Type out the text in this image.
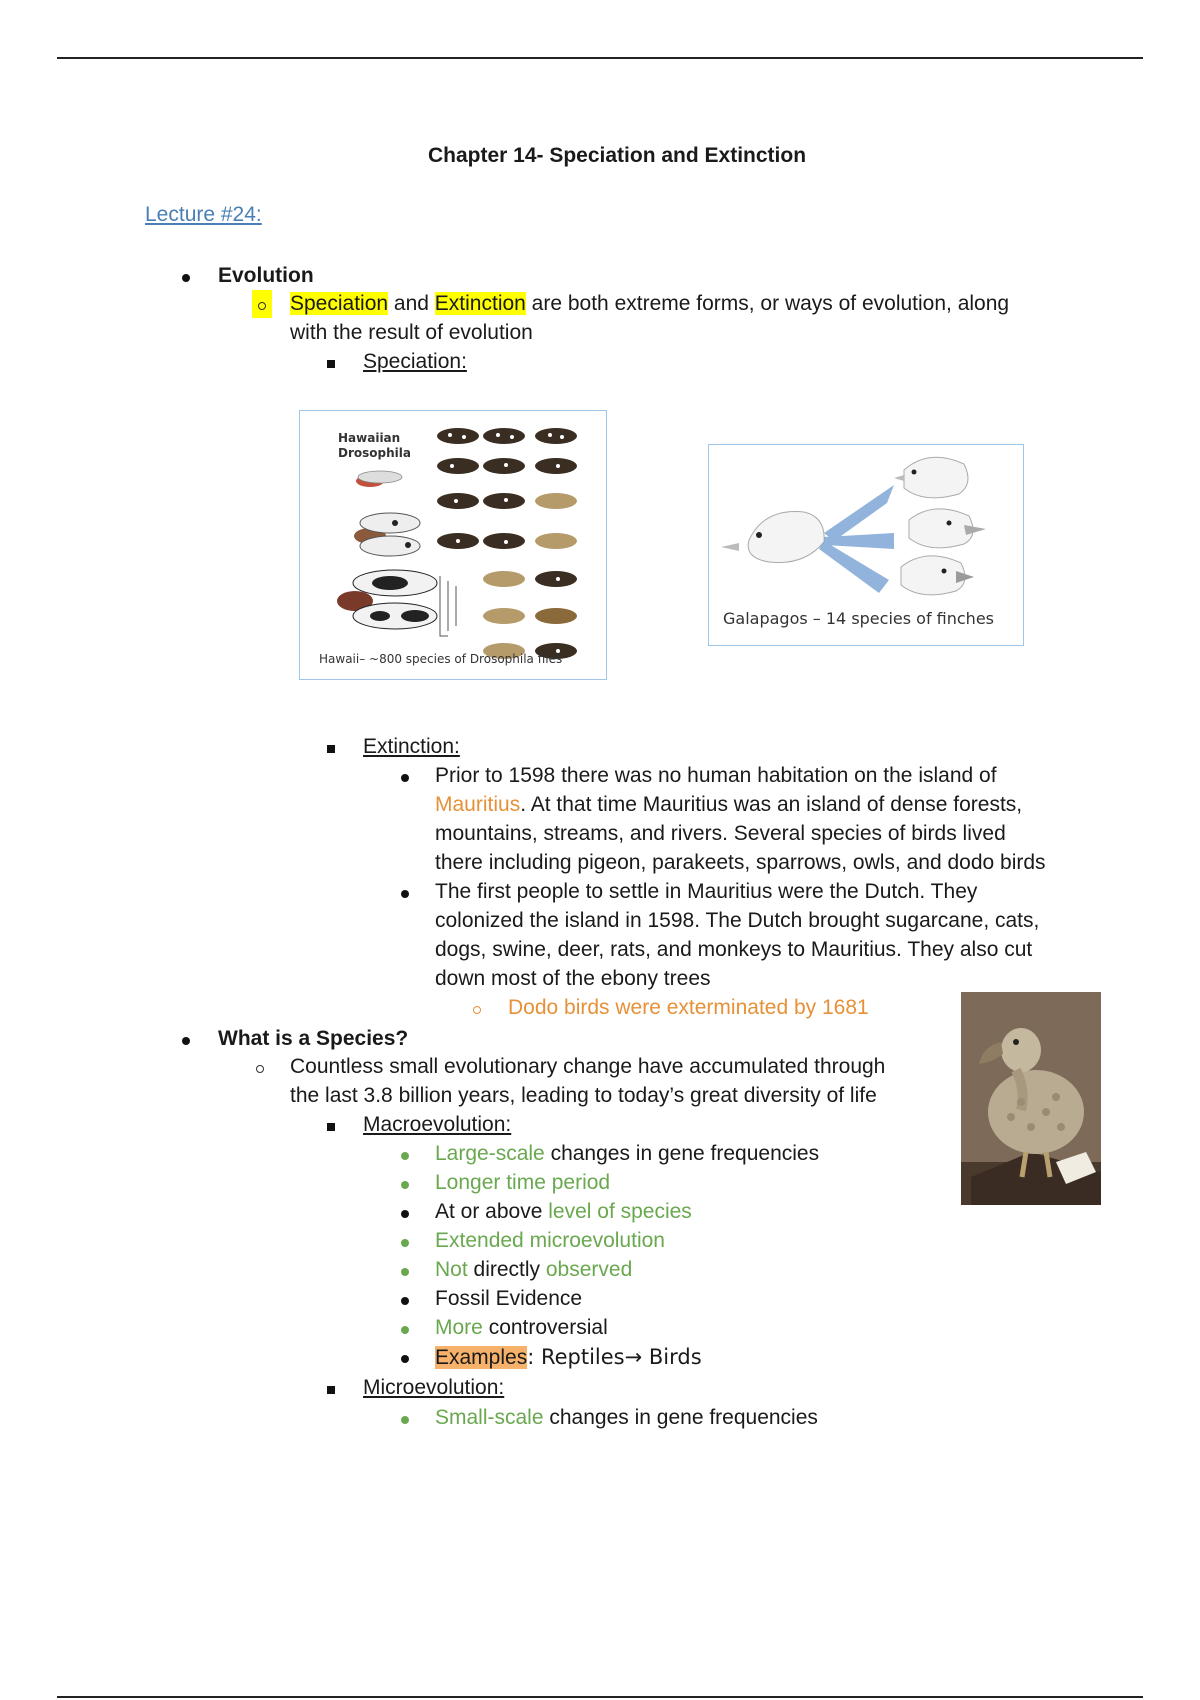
Chapter 14- Speciation and Extinction
Lecture #24:
Evolution
Speciation and Extinction are both extreme forms, or ways of evolution, along
with the result of evolution
Speciation:
Hawaiian
Drosophila
Hawaii– ~800 species of Drosophila flies
Galapagos – 14 species of finches
Extinction:
Prior to 1598 there was no human habitation on the island of
Mauritius. At that time Mauritius was an island of dense forests,
mountains, streams, and rivers. Several species of birds lived
there including pigeon, parakeets, sparrows, owls, and dodo birds
The first people to settle in Mauritius were the Dutch. They
colonized the island in 1598. The Dutch brought sugarcane, cats,
dogs, swine, deer, rats, and monkeys to Mauritius. They also cut
down most of the ebony trees
Dodo birds were exterminated by 1681
What is a Species?
Countless small evolutionary change have accumulated through
the last 3.8 billion years, leading to today’s great diversity of life
Macroevolution:
Large-scale changes in gene frequencies
Longer time period
At or above level of species
Extended microevolution
Not directly observed
Fossil Evidence
More controversial
Examples: Reptiles→ Birds
Microevolution:
Small-scale changes in gene frequencies
